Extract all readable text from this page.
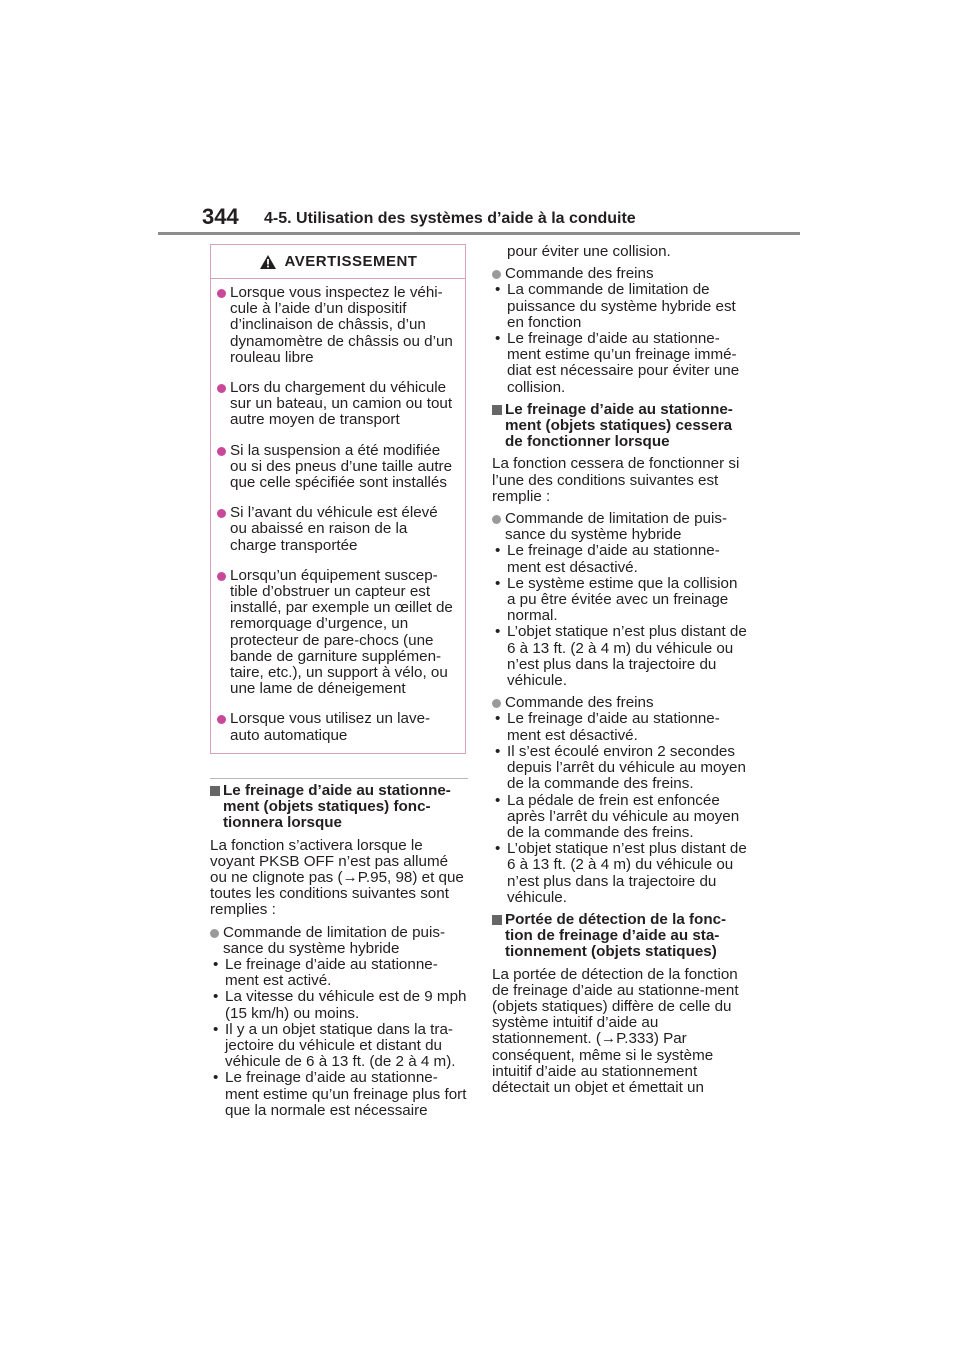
344 4-5. Utilisation des systèmes d’aide à la conduite
AVERTISSEMENT
Lorsque vous inspectez le véhi-cule à l’aide d’un dispositif d’inclinaison de châssis, d’un dynamomètre de châssis ou d’un rouleau libre
Lors du chargement du véhicule sur un bateau, un camion ou tout autre moyen de transport
Si la suspension a été modifiée ou si des pneus d’une taille autre que celle spécifiée sont installés
Si l’avant du véhicule est élevé ou abaissé en raison de la charge transportée
Lorsqu’un équipement suscep-tible d’obstruer un capteur est installé, par exemple un œillet de remorquage d’urgence, un protecteur de pare-chocs (une bande de garniture supplémen-taire, etc.), un support à vélo, ou une lame de déneigement
Lorsque vous utilisez un lave-auto automatique
Le freinage d’aide au stationne-ment (objets statiques) fonc-tionnera lorsque
La fonction s’activera lorsque le voyant PKSB OFF n’est pas allumé ou ne clignote pas (→P.95, 98) et que toutes les conditions suivantes sont remplies :
Commande de limitation de puis-sance du système hybride
• Le freinage d’aide au stationne-ment est activé.
• La vitesse du véhicule est de 9 mph (15 km/h) ou moins.
• Il y a un objet statique dans la tra-jectoire du véhicule et distant du véhicule de 6 à 13 ft. (de 2 à 4 m).
• Le freinage d’aide au stationne-ment estime qu’un freinage plus fort que la normale est nécessaire
pour éviter une collision.
Commande des freins
• La commande de limitation de puissance du système hybride est en fonction
• Le freinage d’aide au stationne-ment estime qu’un freinage immé-diat est nécessaire pour éviter une collision.
Le freinage d’aide au stationne-ment (objets statiques) cessera de fonctionner lorsque
La fonction cessera de fonctionner si l’une des conditions suivantes est remplie :
Commande de limitation de puis-sance du système hybride
• Le freinage d’aide au stationne-ment est désactivé.
• Le système estime que la collision a pu être évitée avec un freinage normal.
• L’objet statique n’est plus distant de 6 à 13 ft. (2 à 4 m) du véhicule ou n’est plus dans la trajectoire du véhicule.
Commande des freins
• Le freinage d’aide au stationne-ment est désactivé.
• Il s’est écoulé environ 2 secondes depuis l’arrêt du véhicule au moyen de la commande des freins.
• La pédale de frein est enfoncée après l’arrêt du véhicule au moyen de la commande des freins.
• L’objet statique n’est plus distant de 6 à 13 ft. (2 à 4 m) du véhicule ou n’est plus dans la trajectoire du véhicule.
Portée de détection de la fonc-tion de freinage d’aide au sta-tionnement (objets statiques)
La portée de détection de la fonction de freinage d’aide au stationne-ment (objets statiques) diffère de celle du système intuitif d’aide au stationnement. (→P.333) Par conséquent, même si le système intuitif d’aide au stationnement détectait un objet et émettait un
